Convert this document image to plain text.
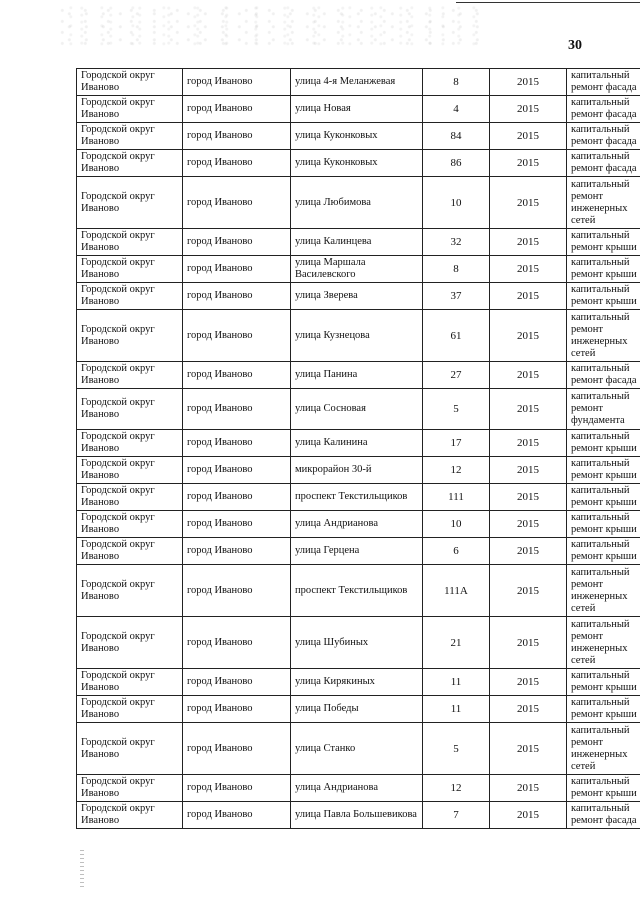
30
Городской округ Иваново	город Иваново	улица 4-я Меланжевая	8	2015	капитальный ремонт фасада
Городской округ Иваново	город Иваново	улица Новая	4	2015	капитальный ремонт фасада
Городской округ Иваново	город Иваново	улица Куконковых	84	2015	капитальный ремонт фасада
Городской округ Иваново	город Иваново	улица Куконковых	86	2015	капитальный ремонт фасада
Городской округ Иваново	город Иваново	улица Любимова	10	2015	капитальный ремонт инженерных сетей
Городской округ Иваново	город Иваново	улица Калинцева	32	2015	капитальный ремонт крыши
Городской округ Иваново	город Иваново	улица Маршала Василевского	8	2015	капитальный ремонт крыши
Городской округ Иваново	город Иваново	улица Зверева	37	2015	капитальный ремонт крыши
Городской округ Иваново	город Иваново	улица Кузнецова	61	2015	капитальный ремонт инженерных сетей
Городской округ Иваново	город Иваново	улица Панина	27	2015	капитальный ремонт фасада
Городской округ Иваново	город Иваново	улица Сосновая	5	2015	капитальный ремонт фундамента
Городской округ Иваново	город Иваново	улица Калинина	17	2015	капитальный ремонт крыши
Городской округ Иваново	город Иваново	микрорайон 30-й	12	2015	капитальный ремонт крыши
Городской округ Иваново	город Иваново	проспект Текстильщиков	111	2015	капитальный ремонт крыши
Городской округ Иваново	город Иваново	улица Андрианова	10	2015	капитальный ремонт крыши
Городской округ Иваново	город Иваново	улица Герцена	6	2015	капитальный ремонт крыши
Городской округ Иваново	город Иваново	проспект Текстильщиков	111А	2015	капитальный ремонт инженерных сетей
Городской округ Иваново	город Иваново	улица Шубиных	21	2015	капитальный ремонт инженерных сетей
Городской округ Иваново	город Иваново	улица Кирякиных	11	2015	капитальный ремонт крыши
Городской округ Иваново	город Иваново	улица Победы	11	2015	капитальный ремонт крыши
Городской округ Иваново	город Иваново	улица Станко	5	2015	капитальный ремонт инженерных сетей
Городской округ Иваново	город Иваново	улица Андрианова	12	2015	капитальный ремонт крыши
Городской округ Иваново	город Иваново	улица Павла Большевикова	7	2015	капитальный ремонт фасада
